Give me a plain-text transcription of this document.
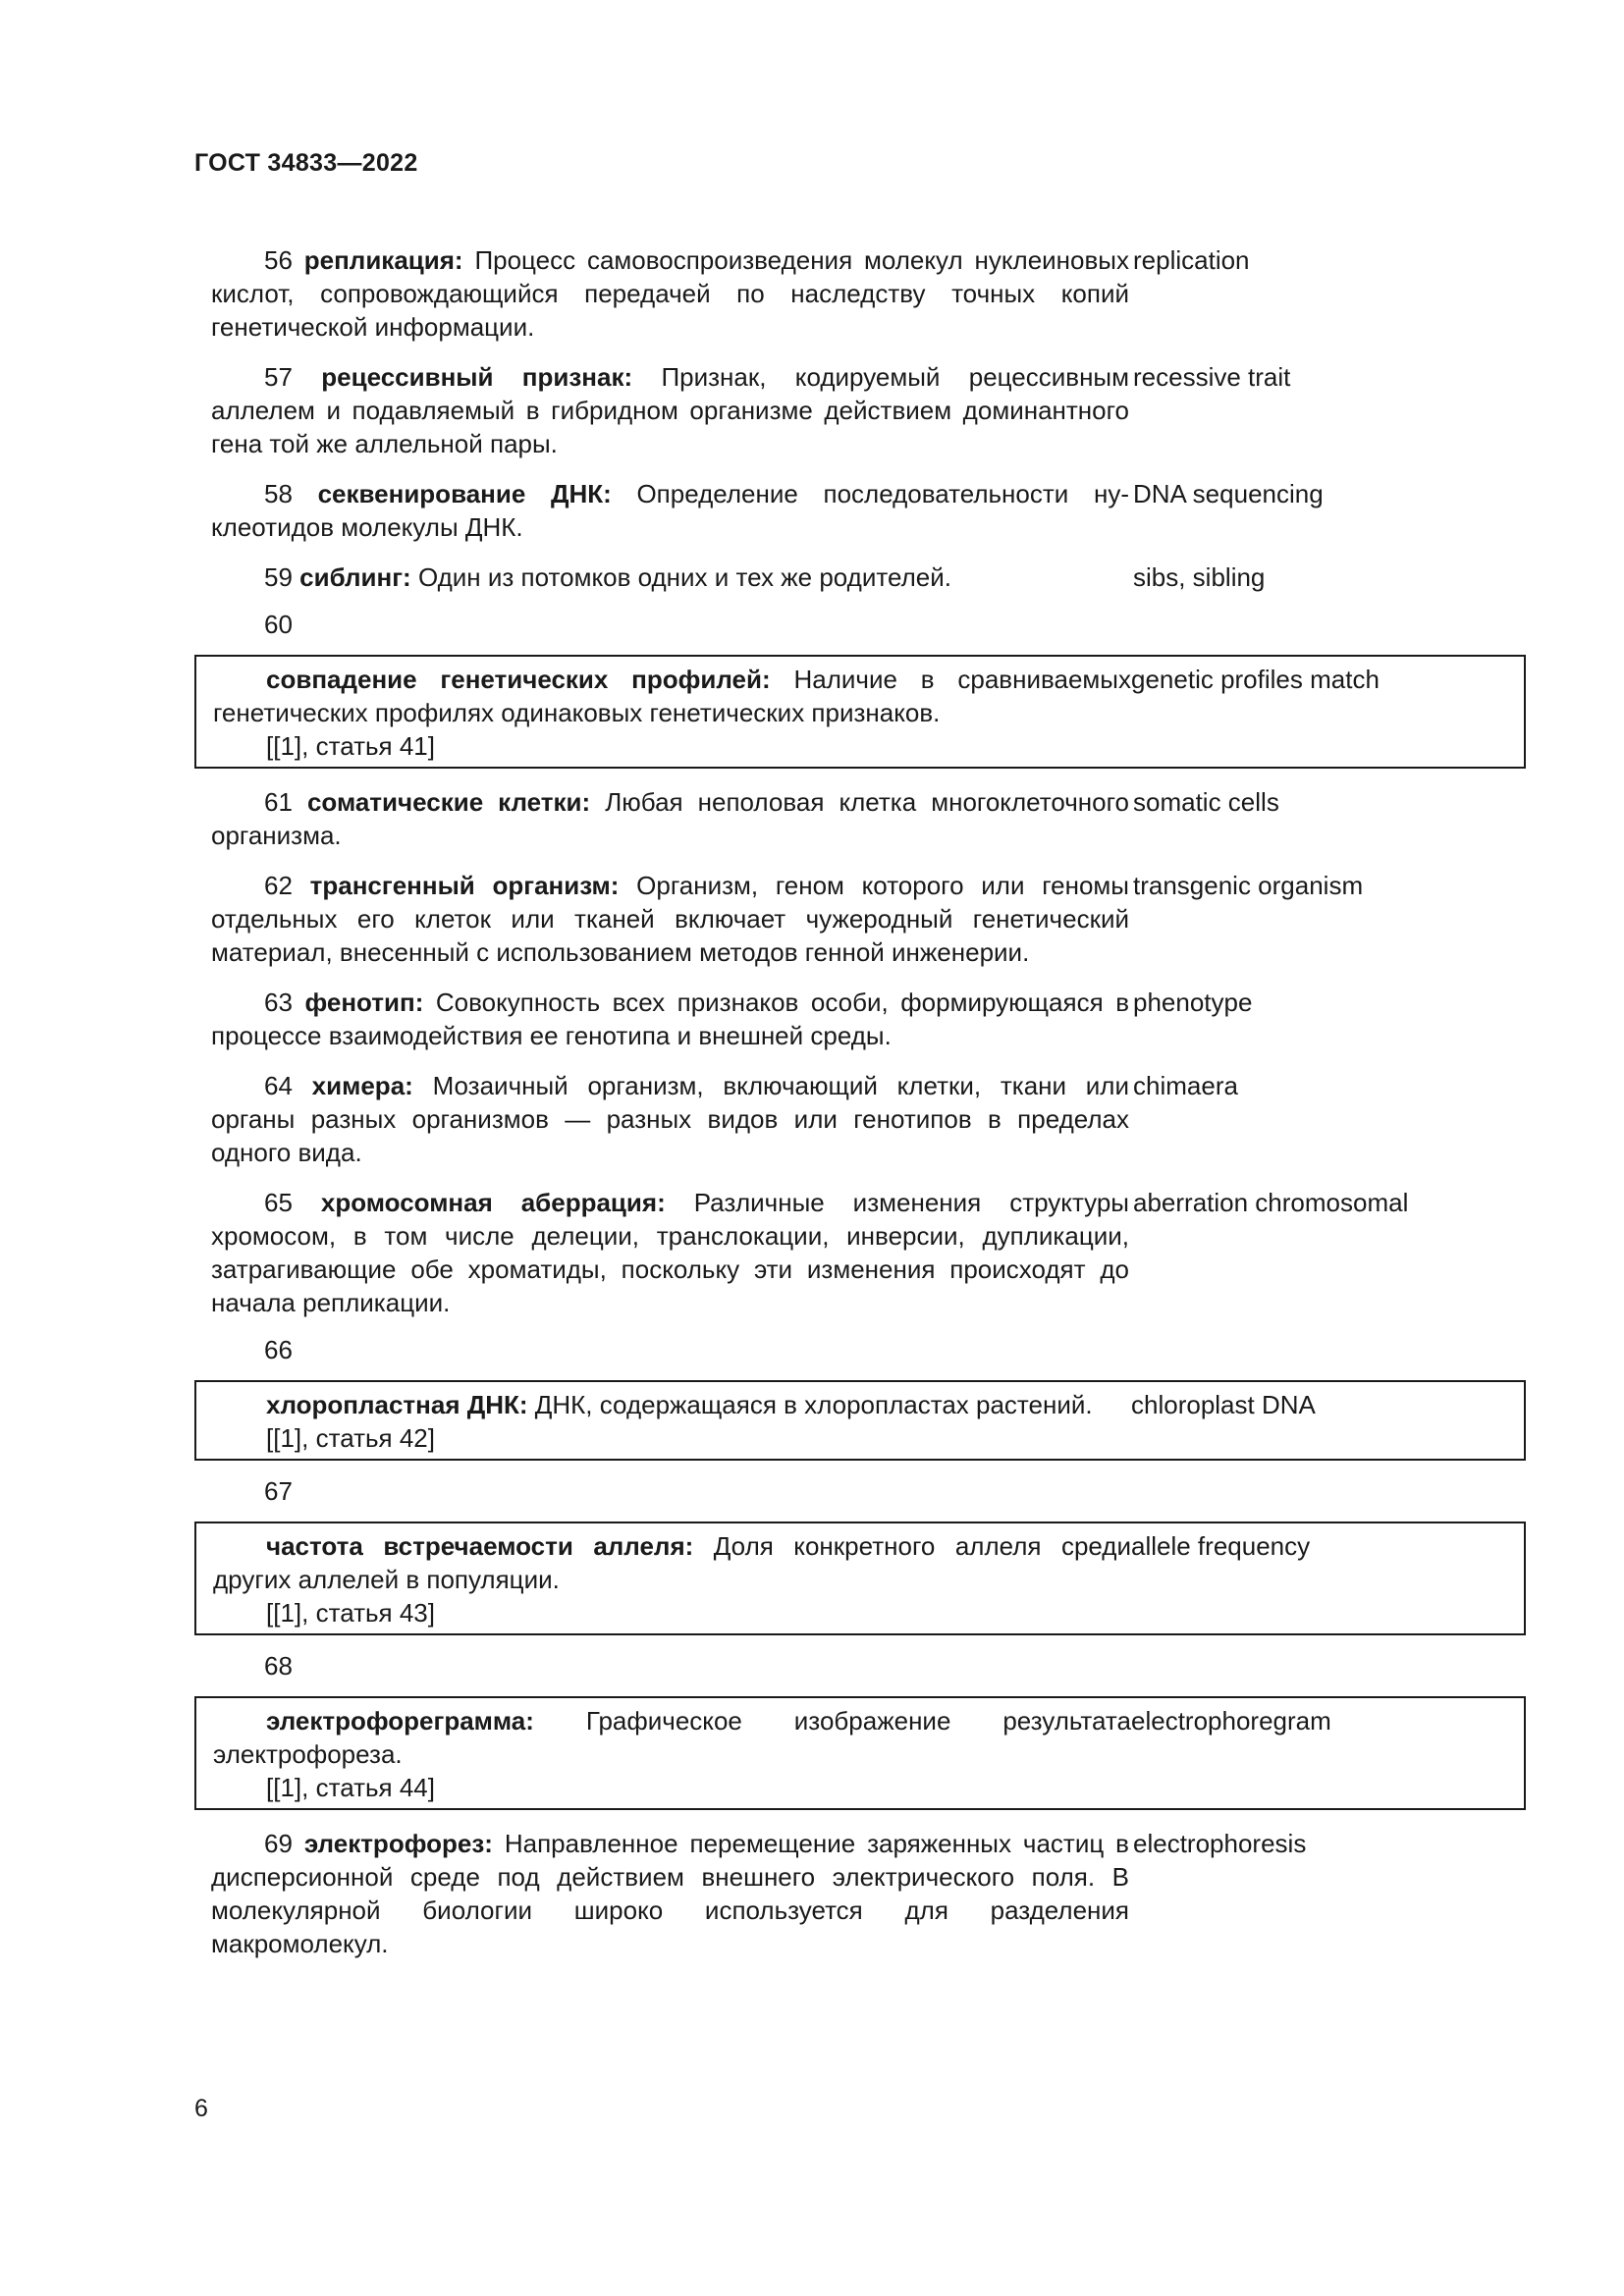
ГОСТ 34833—2022
56 репликация: Процесс самовоспроизведения молекул нуклеиновых кислот, сопровождающийся передачей по наследству точных копий генетической информации.
replication
57 рецессивный признак: Признак, кодируемый рецессивным аллелем и подавляемый в гибридном организме действием доминантного гена той же аллельной пары.
recessive trait
58 секвенирование ДНК: Определение последовательности нуклеотидов молекулы ДНК.
DNA sequencing
59 сиблинг: Один из потомков одних и тех же родителей.	sibs, sibling
60
совпадение генетических профилей: Наличие в сравниваемых генетических профилях одинаковых генетических признаков.
[[1], статья 41]
genetic profiles match
61 соматические клетки: Любая неполовая клетка многоклеточного организма.
somatic cells
62 трансгенный организм: Организм, геном которого или геномы отдельных его клеток или тканей включает чужеродный генетический материал, внесенный с использованием методов генной инженерии.
transgenic organism
63 фенотип: Совокупность всех признаков особи, формирующаяся в процессе взаимодействия ее генотипа и внешней среды.
phenotype
64 химера: Мозаичный организм, включающий клетки, ткани или органы разных организмов — разных видов или генотипов в пределах одного вида.
chimaera
65 хромосомная аберрация: Различные изменения структуры хромосом, в том числе делеции, транслокации, инверсии, дупликации, затрагивающие обе хроматиды, поскольку эти изменения происходят до начала репликации.
aberration chromosomal
66
хлоропластная ДНК: ДНК, содержащаяся в хлоропластах растений.
[[1], статья 42]
chloroplast DNA
67
частота встречаемости аллеля: Доля конкретного аллеля среди других аллелей в популяции.
[[1], статья 43]
allele frequency
68
электрофореграмма: Графическое изображение результата электрофореза.
[[1], статья 44]
electrophoregram
69 электрофорез: Направленное перемещение заряженных частиц в дисперсионной среде под действием внешнего электрического поля. В молекулярной биологии широко используется для разделения макромолекул.
electrophoresis
6
